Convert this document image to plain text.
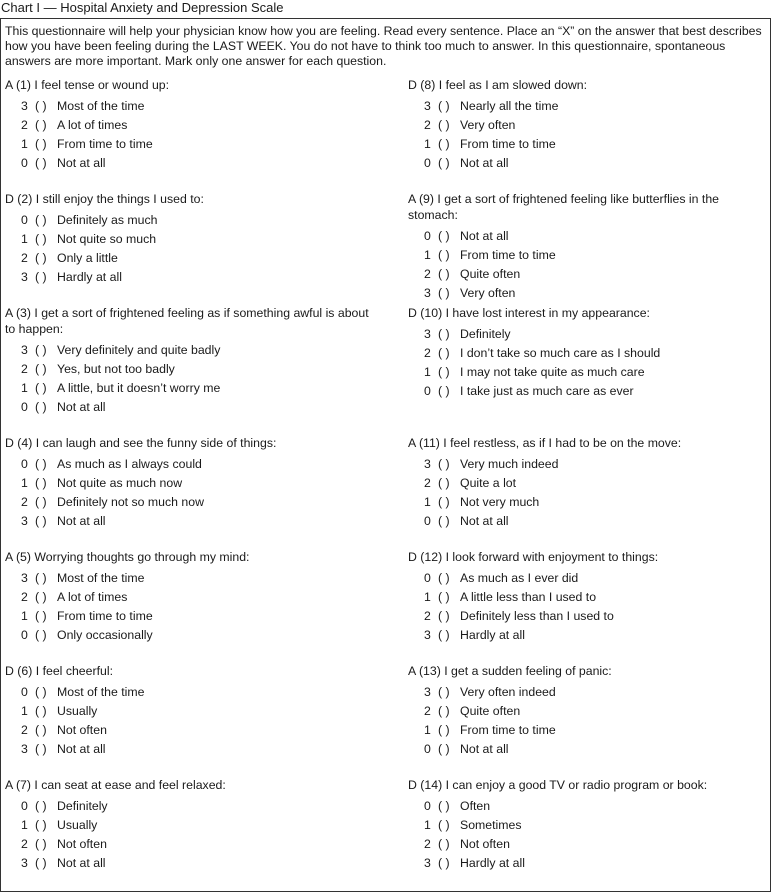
Chart I — Hospital Anxiety and Depression Scale
This questionnaire will help your physician know how you are feeling. Read every sentence. Place an “X” on the answer that best describes how you have been feeling during the LAST WEEK. You do not have to think too much to answer. In this questionnaire, spontaneous answers are more important. Mark only one answer for each question.
A (1) I feel tense or wound up:
3 ( ) Most of the time
2 ( ) A lot of times
1 ( ) From time to time
0 ( ) Not at all
D (2) I still enjoy the things I used to:
0 ( ) Definitely as much
1 ( ) Not quite so much
2 ( ) Only a little
3 ( ) Hardly at all
A (3) I get a sort of frightened feeling as if something awful is about to happen:
3 ( ) Very definitely and quite badly
2 ( ) Yes, but not too badly
1 ( ) A little, but it doesn’t worry me
0 ( ) Not at all
D (4) I can laugh and see the funny side of things:
0 ( ) As much as I always could
1 ( ) Not quite as much now
2 ( ) Definitely not so much now
3 ( ) Not at all
A (5) Worrying thoughts go through my mind:
3 ( ) Most of the time
2 ( ) A lot of times
1 ( ) From time to time
0 ( ) Only occasionally
D (6) I feel cheerful:
0 ( ) Most of the time
1 ( ) Usually
2 ( ) Not often
3 ( ) Not at all
A (7) I can seat at ease and feel relaxed:
0 ( ) Definitely
1 ( ) Usually
2 ( ) Not often
3 ( ) Not at all
D (8) I feel as I am slowed down:
3 ( ) Nearly all the time
2 ( ) Very often
1 ( ) From time to time
0 ( ) Not at all
A (9) I get a sort of frightened feeling like butterflies in the stomach:
0 ( ) Not at all
1 ( ) From time to time
2 ( ) Quite often
3 ( ) Very often
D (10) I have lost interest in my appearance:
3 ( ) Definitely
2 ( ) I don’t take so much care as I should
1 ( ) I may not take quite as much care
0 ( ) I take just as much care as ever
A (11) I feel restless, as if I had to be on the move:
3 ( ) Very much indeed
2 ( ) Quite a lot
1 ( ) Not very much
0 ( ) Not at all
D (12) I look forward with enjoyment to things:
0 ( ) As much as I ever did
1 ( ) A little less than I used to
2 ( ) Definitely less than I used to
3 ( ) Hardly at all
A (13) I get a sudden feeling of panic:
3 ( ) Very often indeed
2 ( ) Quite often
1 ( ) From time to time
0 ( ) Not at all
D (14) I can enjoy a good TV or radio program or book:
0 ( ) Often
1 ( ) Sometimes
2 ( ) Not often
3 ( ) Hardly at all
